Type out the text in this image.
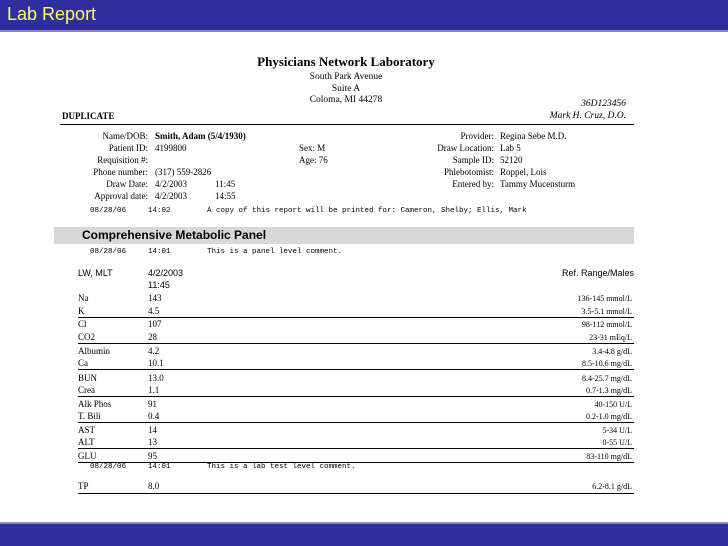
Lab Report
Physicians Network Laboratory
South Park Avenue
Suite A
Coloma, MI 44278	36D123456
Mark H. Cruz, D.O.
DUPLICATE
Name/DOB: Smith, Adam (5/4/1930)
Patient ID: 4199800
Requisition #:
Phone number: (317) 559-2826
Draw Date: 4/2/2003	11:45
Approval date: 4/2/2003	14:55
Sex: M
Age: 76
Provider: Regina Sebe M.D.
Draw Location: Lab 5
Sample ID: 52120
Phlebotomist: Roppel, Lois
Entered by: Tammy Mucensturm
08/28/06	14:02	A copy of this report will be printed for: Cameron, Shelby; Ellis, Mark
Comprehensive Metabolic Panel
08/28/06	14:01	This is a panel level comment.
LW, MLT	4/2/2003
11:45
Ref. Range/Males
Na	143	136-145 mmol/L
K	4.5	3.5-5.1 mmol/L
Cl	107	98-112 mmol/L
CO2	28	23-31 mEq/L
Albumin	4.2	3.4-4.8 g/dL
Ca	10.1	8.5-10.6 mg/dL
BUN	13.0	8.4-25.7 mg/dL
Crea	1.1	0.7-1.3 mg/dL
Alk Phos	91	40-150 U/L
T. Bili	0.4	0.2-1.0 mg/dL
AST	14	5-34 U/L
ALT	13	0-55 U/L
GLU	95	83-110 mg/dL
TP	8.0	6.2-8.1 g/dL
08/28/06	14:01	This is a lab test level comment.
